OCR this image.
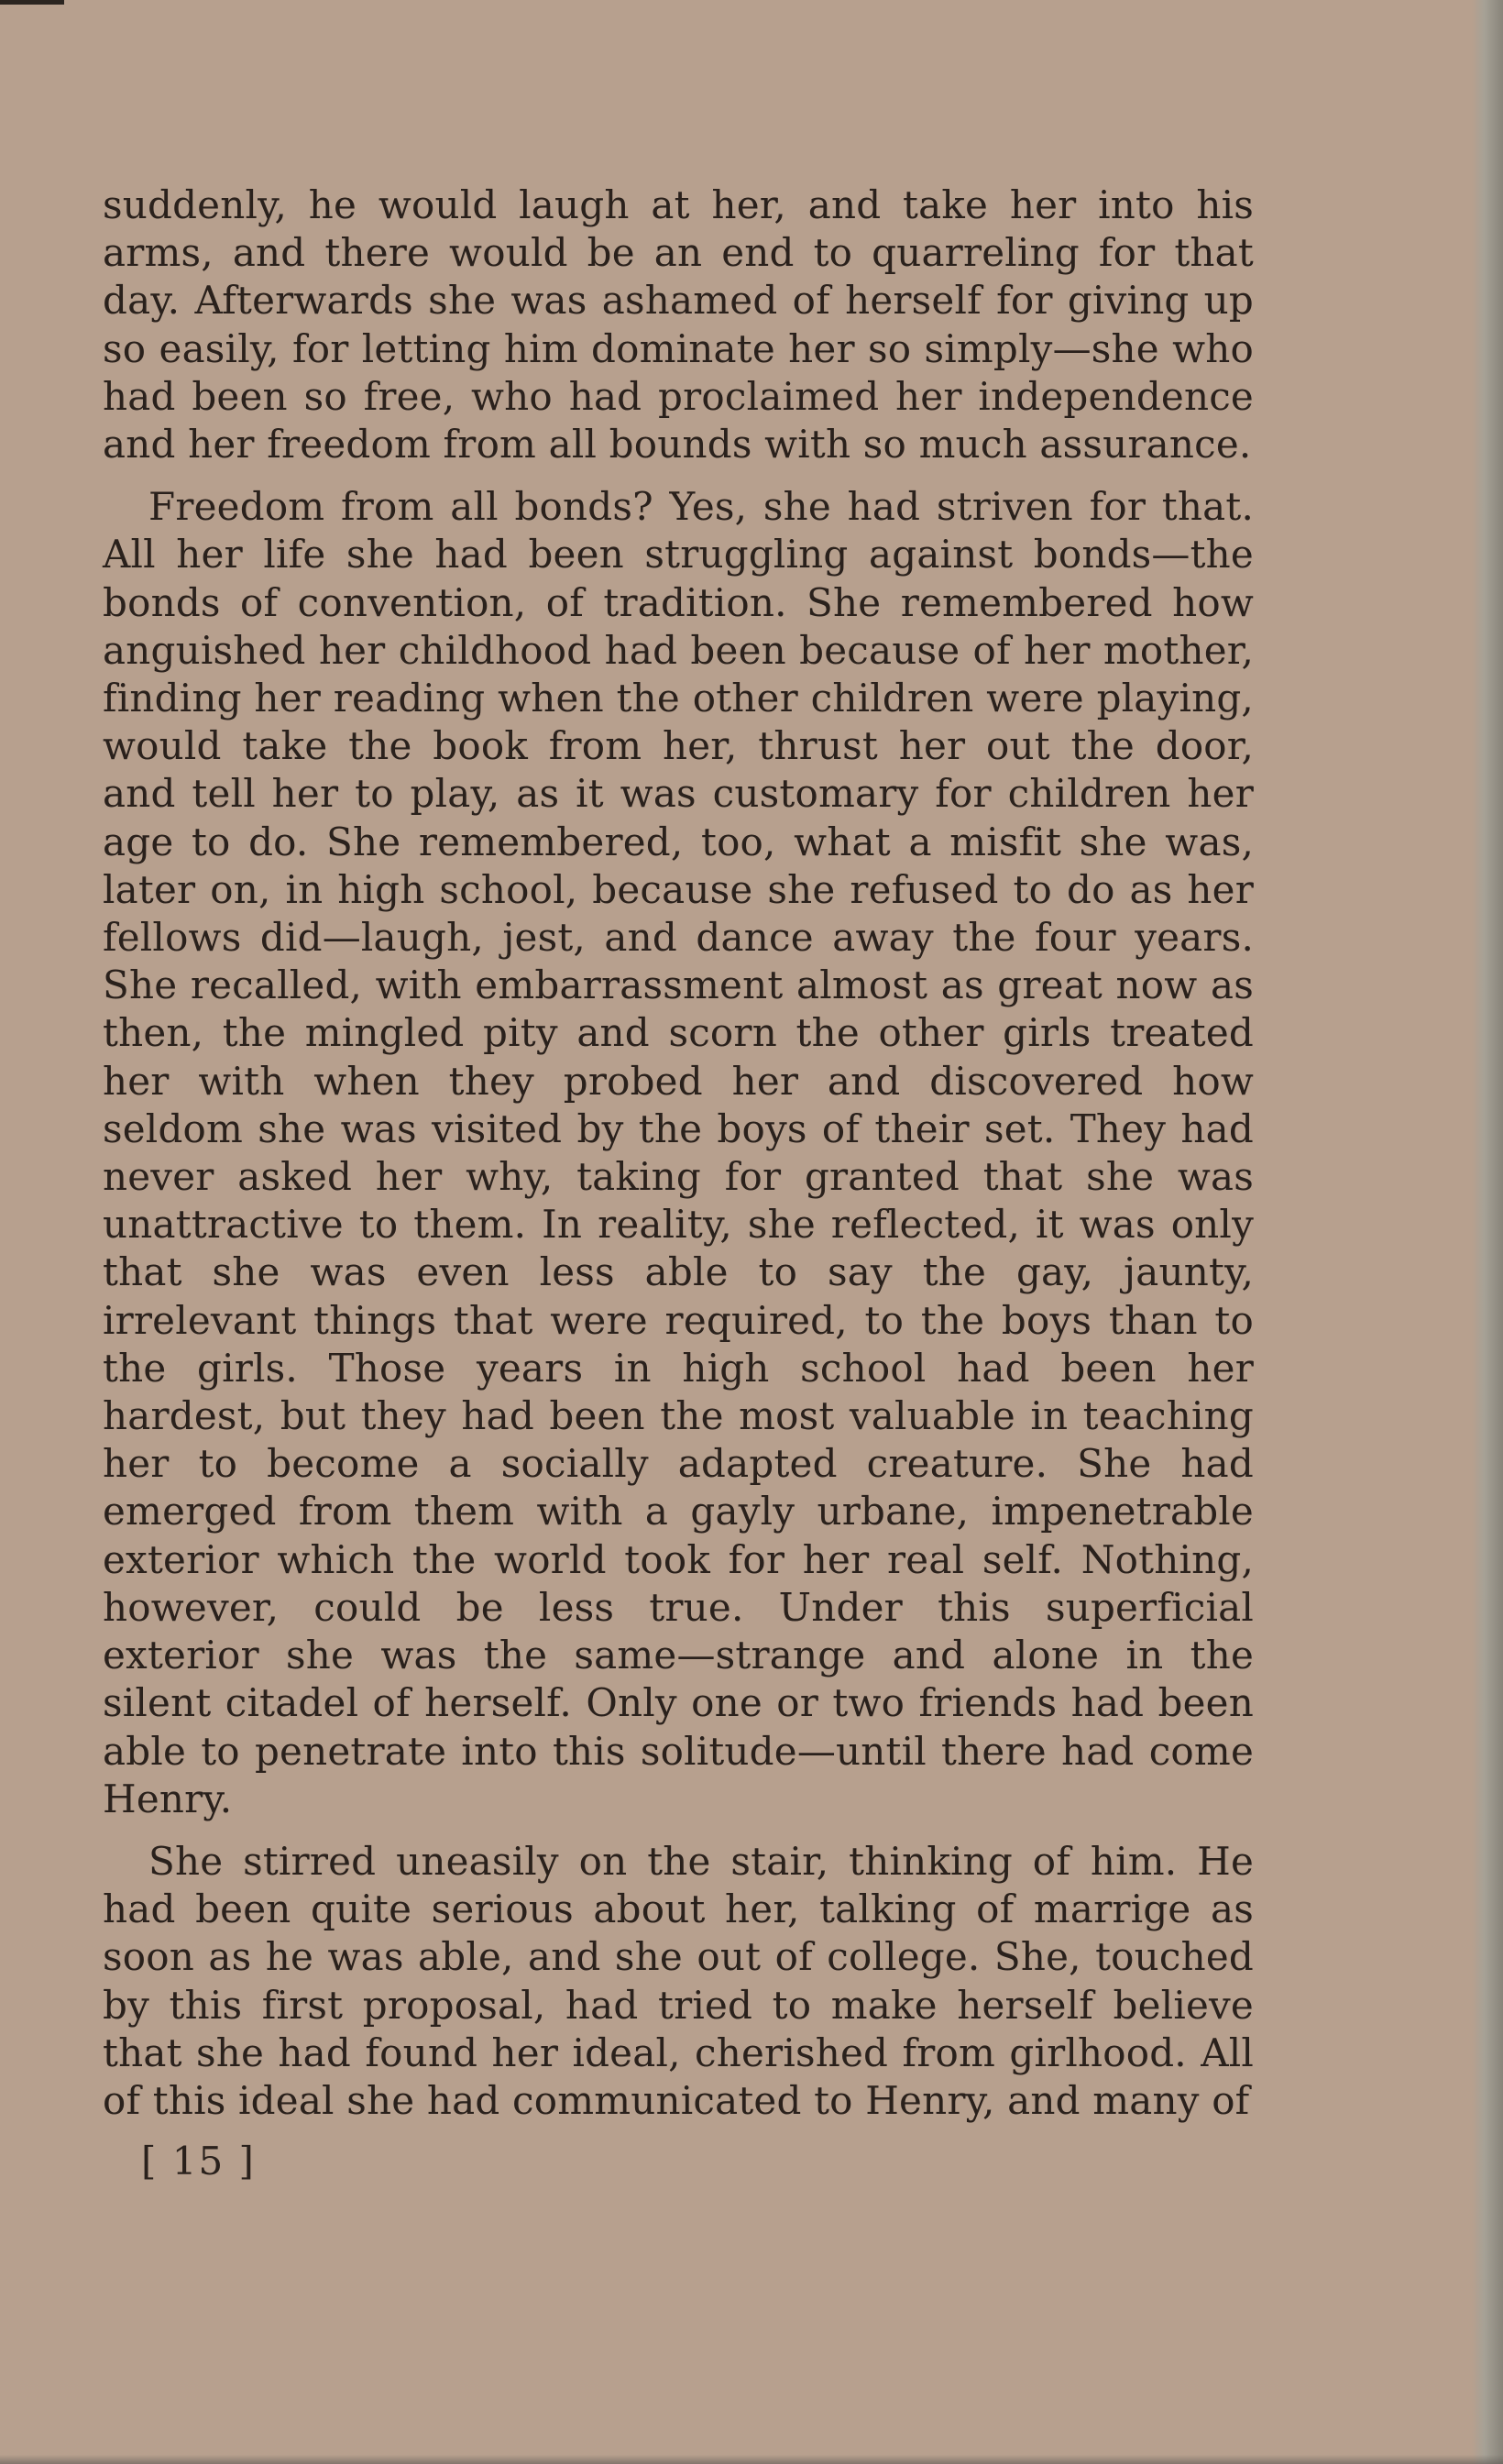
suddenly, he would laugh at her, and take her into his arms, and there would be an end to quarreling for that day. Afterwards she was ashamed of herself for giving up so easily, for letting him dominate her so simply—she who had been so free, who had proclaimed her independence and her freedom from all bounds with so much assurance.

Freedom from all bonds? Yes, she had striven for that. All her life she had been struggling against bonds—the bonds of convention, of tradition. She remembered how anguished her childhood had been because of her mother, finding her reading when the other children were playing, would take the book from her, thrust her out the door, and tell her to play, as it was customary for children her age to do. She remembered, too, what a misfit she was, later on, in high school, because she refused to do as her fellows did—laugh, jest, and dance away the four years. She recalled, with embarrassment almost as great now as then, the mingled pity and scorn the other girls treated her with when they probed her and discovered how seldom she was visited by the boys of their set. They had never asked her why, taking for granted that she was unattractive to them. In reality, she reflected, it was only that she was even less able to say the gay, jaunty, irrelevant things that were required, to the boys than to the girls. Those years in high school had been her hardest, but they had been the most valuable in teaching her to become a socially adapted creature. She had emerged from them with a gayly urbane, impenetrable exterior which the world took for her real self. Nothing, however, could be less true. Under this superficial exterior she was the same—strange and alone in the silent citadel of herself. Only one or two friends had been able to penetrate into this solitude—until there had come Henry.

She stirred uneasily on the stair, thinking of him. He had been quite serious about her, talking of marrige as soon as he was able, and she out of college. She, touched by this first proposal, had tried to make herself believe that she had found her ideal, cherished from girlhood. All of this ideal she had communicated to Henry, and many of

[ 15 ]
